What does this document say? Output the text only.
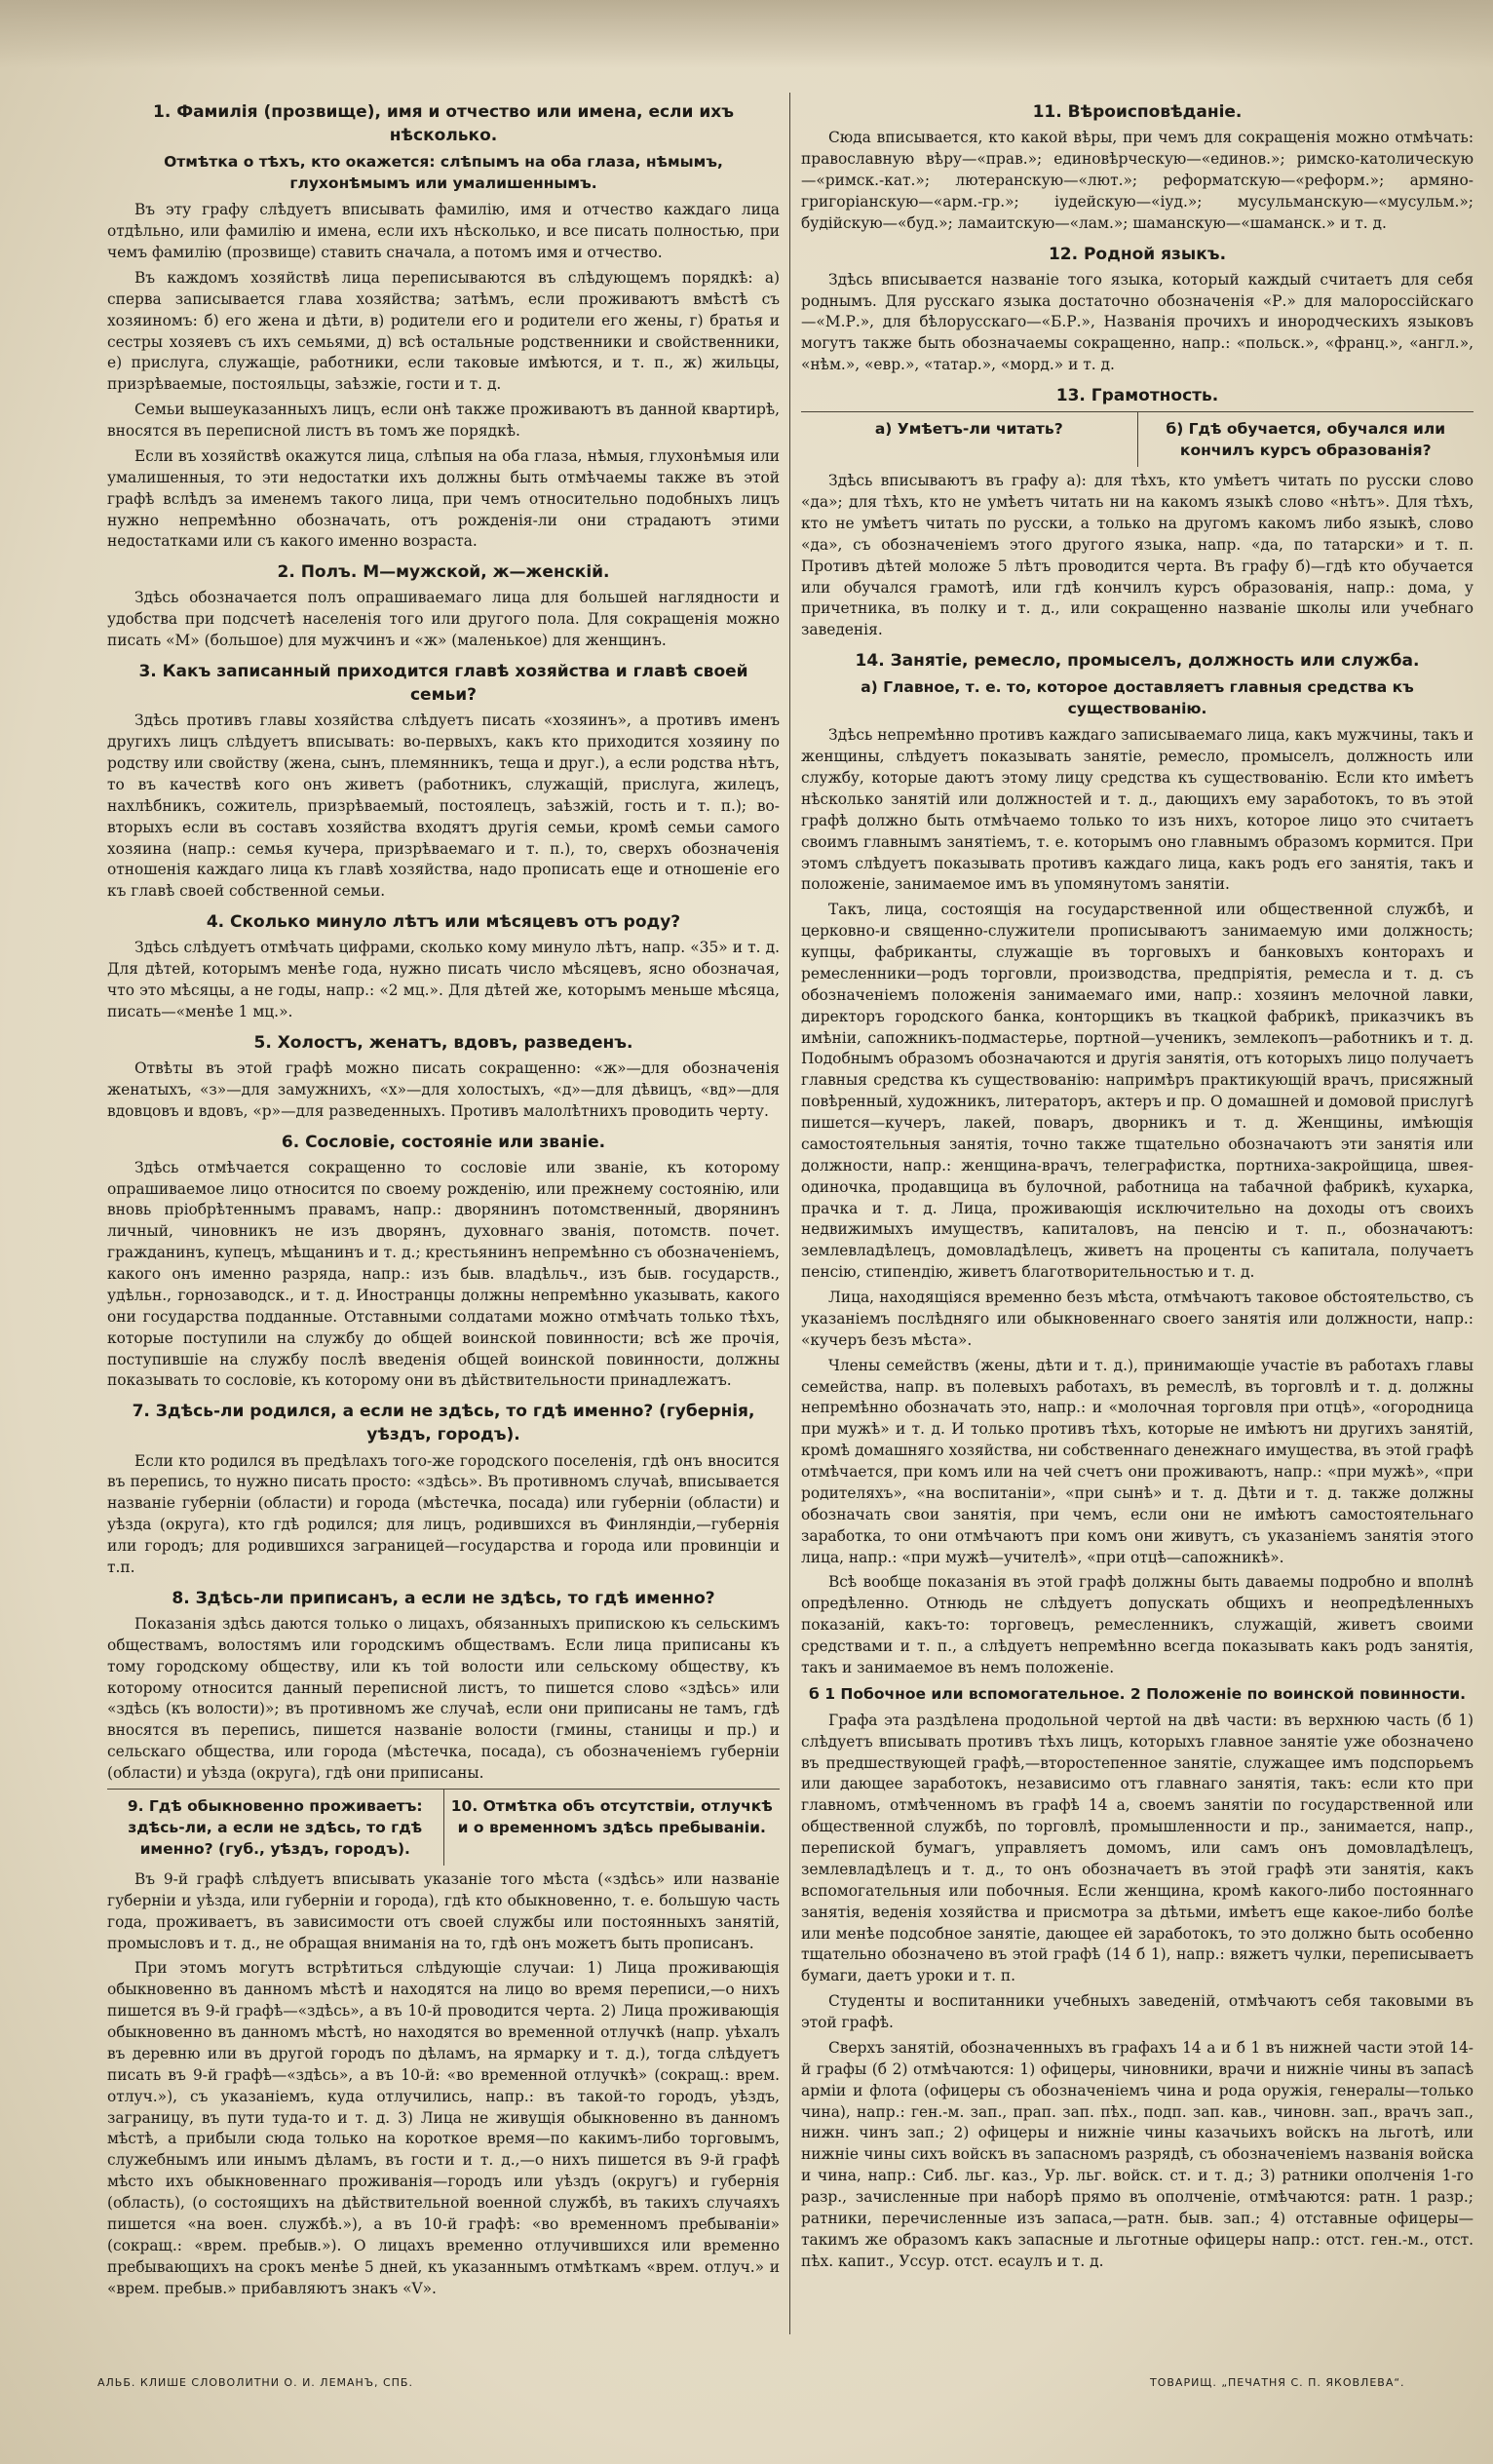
1. Фамилія (прозвище), имя и отчество или имена, если ихъ нѣсколько.
Отмѣтка о тѣхъ, кто окажется: слѣпымъ на оба глаза, нѣмымъ, глухонѣмымъ или умалишеннымъ.

Въ эту графу слѣдуетъ вписывать фамилію, имя и отчество каждаго лица отдѣльно, или фамилію и имена, если ихъ нѣсколько, и все писать полностью, при чемъ фамилію (прозвище) ставить сначала, а потомъ имя и отчество.

Въ каждомъ хозяйствѣ лица переписываются въ слѣдующемъ порядкѣ: а) сперва записывается глава хозяйства; затѣмъ, если проживаютъ вмѣстѣ съ хозяиномъ: б) его жена и дѣти, в) родители его и родители его жены, г) братья и сестры хозяевъ съ ихъ семьями, д) всѣ остальные родственники и свойственники, е) прислуга, служащіе, работники, если таковые имѣются, и т. п., ж) жильцы, призрѣваемые, постояльцы, заѣзжіе, гости и т. д.

Семьи вышеуказанныхъ лицъ, если онѣ также проживаютъ въ данной квартирѣ, вносятся въ переписной листъ въ томъ же порядкѣ.

Если въ хозяйствѣ окажутся лица, слѣпыя на оба глаза, нѣмыя, глухонѣмыя или умалишенныя, то эти недостатки ихъ должны быть отмѣчаемы также въ этой графѣ вслѣдъ за именемъ такого лица, при чемъ относительно подобныхъ лицъ нужно непремѣнно обозначать, отъ рожденія-ли они страдаютъ этими недостатками или съ какого именно возраста.

2. Полъ. М—мужской, ж—женскій.

Здѣсь обозначается полъ опрашиваемаго лица для большей наглядности и удобства при подсчетѣ населенія того или другого пола. Для сокращенія можно писать «М» (большое) для мужчинъ и «ж» (маленькое) для женщинъ.

3. Какъ записанный приходится главѣ хозяйства и главѣ своей семьи?

Здѣсь противъ главы хозяйства слѣдуетъ писать «хозяинъ», а противъ именъ другихъ лицъ слѣдуетъ вписывать: во-первыхъ, какъ кто приходится хозяину по родству или свойству (жена, сынъ, племянникъ, теща и друг.), а если родства нѣтъ, то въ качествѣ кого онъ живетъ (работникъ, служащій, прислуга, жилецъ, нахлѣбникъ, сожитель, призрѣваемый, постоялецъ, заѣзжій, гость и т. п.); во-вторыхъ если въ составъ хозяйства входятъ другія семьи, кромѣ семьи самого хозяина (напр.: семья кучера, призрѣваемаго и т. п.), то, сверхъ обозначенія отношенія каждаго лица къ главѣ хозяйства, надо прописать еще и отношеніе его къ главѣ своей собственной семьи.

4. Сколько минуло лѣтъ или мѣсяцевъ отъ роду?

Здѣсь слѣдуетъ отмѣчать цифрами, сколько кому минуло лѣтъ, напр. «35» и т. д. Для дѣтей, которымъ менѣе года, нужно писать число мѣсяцевъ, ясно обозначая, что это мѣсяцы, а не годы, напр.: «2 мц.». Для дѣтей же, которымъ меньше мѣсяца, писать—«менѣе 1 мц.».

5. Холостъ, женатъ, вдовъ, разведенъ.

Отвѣты въ этой графѣ можно писать сокращенно: «ж»—для обозначенія женатыхъ, «з»—для замужнихъ, «х»—для холостыхъ, «д»—для дѣвицъ, «вд»—для вдовцовъ и вдовъ, «р»—для разведенныхъ. Противъ малолѣтнихъ проводить черту.

6. Сословіе, состояніе или званіе.

Здѣсь отмѣчается сокращенно то сословіе или званіе, къ которому опрашиваемое лицо относится по своему рожденію, или прежнему состоянію, или вновь пріобрѣтеннымъ правамъ, напр.: дворянинъ потомственный, дворянинъ личный, чиновникъ не изъ дворянъ, духовнаго званія, потомств. почет. гражданинъ, купецъ, мѣщанинъ и т. д.; крестьянинъ непремѣнно съ обозначеніемъ, какого онъ именно разряда, напр.: изъ быв. владѣльч., изъ быв. государств., удѣльн., горнозаводск., и т. д. Иностранцы должны непремѣнно указывать, какого они государства подданные. Отставными солдатами можно отмѣчать только тѣхъ, которые поступили на службу до общей воинской повинности; всѣ же прочія, поступившіе на службу послѣ введенія общей воинской повинности, должны показывать то сословіе, къ которому они въ дѣйствительности принадлежатъ.

7. Здѣсь-ли родился, а если не здѣсь, то гдѣ именно? (губернія, уѣздъ, городъ).

Если кто родился въ предѣлахъ того-же городского поселенія, гдѣ онъ вносится въ перепись, то нужно писать просто: «здѣсь». Въ противномъ случаѣ, вписывается названіе губерніи (области) и города (мѣстечка, посада) или губерніи (области) и уѣзда (округа), кто гдѣ родился; для лицъ, родившихся въ Финляндіи,—губернія или городъ; для родившихся заграницей—государства и города или провинціи и т.п.

8. Здѣсь-ли приписанъ, а если не здѣсь, то гдѣ именно?

Показанія здѣсь даются только о лицахъ, обязанныхъ припискою къ сельскимъ обществамъ, волостямъ или городскимъ обществамъ. Если лица приписаны къ тому городскому обществу, или къ той волости или сельскому обществу, къ которому относится данный переписной листъ, то пишется слово «здѣсь» или «здѣсь (къ волости)»; въ противномъ же случаѣ, если они приписаны не тамъ, гдѣ вносятся въ перепись, пишется названіе волости (гмины, станицы и пр.) и сельскаго общества, или города (мѣстечка, посада), съ обозначеніемъ губерніи (области) и уѣзда (округа), гдѣ они приписаны.

9. Гдѣ обыкновенно проживаетъ: здѣсь-ли, а если не здѣсь, то гдѣ именно? (губ., уѣздъ, городъ).
10. Отмѣтка объ отсутствіи, отлучкѣ и о временномъ здѣсь пребываніи.

Въ 9-й графѣ слѣдуетъ вписывать указаніе того мѣста («здѣсь» или названіе губерніи и уѣзда, или губерніи и города), гдѣ кто обыкновенно, т. е. большую часть года, проживаетъ, въ зависимости отъ своей службы или постоянныхъ занятій, промысловъ и т. д., не обращая вниманія на то, гдѣ онъ можетъ быть прописанъ.

При этомъ могутъ встрѣтиться слѣдующіе случаи: 1) Лица проживающія обыкновенно въ данномъ мѣстѣ и находятся на лицо во время переписи,—о нихъ пишется въ 9-й графѣ—«здѣсь», а въ 10-й проводится черта. 2) Лица проживающія обыкновенно въ данномъ мѣстѣ, но находятся во временной отлучкѣ (напр. уѣхалъ въ деревню или въ другой городъ по дѣламъ, на ярмарку и т. д.), тогда слѣдуетъ писать въ 9-й графѣ—«здѣсь», а въ 10-й: «во временной отлучкѣ» (сокращ.: врем. отлуч.»), съ указаніемъ, куда отлучились, напр.: въ такой-то городъ, уѣздъ, заграницу, въ пути туда-то и т. д. 3) Лица не живущія обыкновенно въ данномъ мѣстѣ, а прибыли сюда только на короткое время—по какимъ-либо торговымъ, служебнымъ или инымъ дѣламъ, въ гости и т. д.,—о нихъ пишется въ 9-й графѣ мѣсто ихъ обыкновеннаго проживанія—городъ или уѣздъ (округъ) и губернія (область), (о состоящихъ на дѣйствительной военной службѣ, въ такихъ случаяхъ пишется «на воен. службѣ.»), а въ 10-й графѣ: «во временномъ пребываніи» (сокращ.: «врем. пребыв.»). О лицахъ временно отлучившихся или временно пребывающихъ на срокъ менѣе 5 дней, къ указаннымъ отмѣткамъ «врем. отлуч.» и «врем. пребыв.» прибавляютъ знакъ «V».

11. Вѣроисповѣданіе.

Сюда вписывается, кто какой вѣры, при чемъ для сокращенія можно отмѣчать: православную вѣру—«прав.»; единовѣрческую—«единов.»; римско-католическую—«римск.-кат.»; лютеранскую—«лют.»; реформатскую—«реформ.»; армяно-григоріанскую—«арм.-гр.»; іудейскую—«іуд.»; мусульманскую—«мусульм.»; будійскую—«буд.»; ламаитскую—«лам.»; шаманскую—«шаманск.» и т. д.

12. Родной языкъ.

Здѣсь вписывается названіе того языка, который каждый считаетъ для себя роднымъ. Для русскаго языка достаточно обозначенія «Р.» для малороссійскаго—«М.Р.», для бѣлорусскаго—«Б.Р.», Названія прочихъ и инородческихъ языковъ могутъ также быть обозначаемы сокращенно, напр.: «польск.», «франц.», «англ.», «нѣм.», «евр.», «татар.», «морд.» и т. д.

13. Грамотность.
а) Умѣетъ-ли читать?	б) Гдѣ обучается, обучался или кончилъ курсъ образованія?

Здѣсь вписываютъ въ графу а): для тѣхъ, кто умѣетъ читать по русски слово «да»; для тѣхъ, кто не умѣетъ читать ни на какомъ языкѣ слово «нѣтъ». Для тѣхъ, кто не умѣетъ читать по русски, а только на другомъ какомъ либо языкѣ, слово «да», съ обозначеніемъ этого другого языка, напр. «да, по татарски» и т. п. Противъ дѣтей моложе 5 лѣтъ проводится черта. Въ графу б)—гдѣ кто обучается или обучался грамотѣ, или гдѣ кончилъ курсъ образованія, напр.: дома, у причетника, въ полку и т. д., или сокращенно названіе школы или учебнаго заведенія.

14. Занятіе, ремесло, промыселъ, должность или служба.
а) Главное, т. е. то, которое доставляетъ главныя средства къ существованію.

Здѣсь непремѣнно противъ каждаго записываемаго лица, какъ мужчины, такъ и женщины, слѣдуетъ показывать занятіе, ремесло, промыселъ, должность или службу, которые даютъ этому лицу средства къ существованію. Если кто имѣетъ нѣсколько занятій или должностей и т. д., дающихъ ему заработокъ, то въ этой графѣ должно быть отмѣчаемо только то изъ нихъ, которое лицо это считаетъ своимъ главнымъ занятіемъ, т. е. которымъ оно главнымъ образомъ кормится. При этомъ слѣдуетъ показывать противъ каждаго лица, какъ родъ его занятія, такъ и положеніе, занимаемое имъ въ упомянутомъ занятіи.

Такъ, лица, состоящія на государственной или общественной службѣ, и церковно-и священно-служители прописываютъ занимаемую ими должность; купцы, фабриканты, служащіе въ торговыхъ и банковыхъ конторахъ и ремесленники—родъ торговли, производства, предпріятія, ремесла и т. д. съ обозначеніемъ положенія занимаемаго ими, напр.: хозяинъ мелочной лавки, директоръ городского банка, конторщикъ въ ткацкой фабрикѣ, приказчикъ въ имѣніи, сапожникъ-подмастерье, портной—ученикъ, землекопъ—работникъ и т. д. Подобнымъ образомъ обозначаются и другія занятія, отъ которыхъ лицо получаетъ главныя средства къ существованію: напримѣръ практикующій врачъ, присяжный повѣренный, художникъ, литераторъ, актеръ и пр. О домашней и домовой прислугѣ пишется—кучеръ, лакей, поваръ, дворникъ и т. д. Женщины, имѣющія самостоятельныя занятія, точно также тщательно обозначаютъ эти занятія или должности, напр.: женщина-врачъ, телеграфистка, портниха-закройщица, швея-одиночка, продавщица въ булочной, работница на табачной фабрикѣ, кухарка, прачка и т. д. Лица, проживающія исключительно на доходы отъ своихъ недвижимыхъ имуществъ, капиталовъ, на пенсію и т. п., обозначаютъ: землевладѣлецъ, домовладѣлецъ, живетъ на проценты съ капитала, получаетъ пенсію, стипендію, живетъ благотворительностью и т. д.

Лица, находящіяся временно безъ мѣста, отмѣчаютъ таковое обстоятельство, съ указаніемъ послѣдняго или обыкновеннаго своего занятія или должности, напр.: «кучеръ безъ мѣста».

Члены семействъ (жены, дѣти и т. д.), принимающіе участіе въ работахъ главы семейства, напр. въ полевыхъ работахъ, въ ремеслѣ, въ торговлѣ и т. д. должны непремѣнно обозначать это, напр.: и «молочная торговля при отцѣ», «огородница при мужѣ» и т. д. И только противъ тѣхъ, которые не имѣютъ ни другихъ занятій, кромѣ домашняго хозяйства, ни собственнаго денежнаго имущества, въ этой графѣ отмѣчается, при комъ или на чей счетъ они проживаютъ, напр.: «при мужѣ», «при родителяхъ», «на воспитаніи», «при сынѣ» и т. д. Дѣти и т. д. также должны обозначать свои занятія, при чемъ, если они не имѣютъ самостоятельнаго заработка, то они отмѣчаютъ при комъ они живутъ, съ указаніемъ занятія этого лица, напр.: «при мужѣ—учителѣ», «при отцѣ—сапожникѣ».

Всѣ вообще показанія въ этой графѣ должны быть даваемы подробно и вполнѣ опредѣленно. Отнюдь не слѣдуетъ допускать общихъ и неопредѣленныхъ показаній, какъ-то: торговецъ, ремесленникъ, служащій, живетъ своими средствами и т. п., а слѣдуетъ непремѣнно всегда показывать какъ родъ занятія, такъ и занимаемое въ немъ положеніе.

б 1 Побочное или вспомогательное. 2 Положеніе по воинской повинности.

Графа эта раздѣлена продольной чертой на двѣ части: въ верхнюю часть (б 1) слѣдуетъ вписывать противъ тѣхъ лицъ, которыхъ главное занятіе уже обозначено въ предшествующей графѣ,—второстепенное занятіе, служащее имъ подспорьемъ или дающее заработокъ, независимо отъ главнаго занятія, такъ: если кто при главномъ, отмѣченномъ въ графѣ 14 а, своемъ занятіи по государственной или общественной службѣ, по торговлѣ, промышленности и пр., занимается, напр., перепиской бумагъ, управляетъ домомъ, или самъ онъ домовладѣлецъ, землевладѣлецъ и т. д., то онъ обозначаетъ въ этой графѣ эти занятія, какъ вспомогательныя или побочныя. Если женщина, кромѣ какого-либо постояннаго занятія, веденія хозяйства и присмотра за дѣтьми, имѣетъ еще какое-либо болѣе или менѣе подсобное занятіе, дающее ей заработокъ, то это должно быть особенно тщательно обозначено въ этой графѣ (14 б 1), напр.: вяжетъ чулки, переписываетъ бумаги, даетъ уроки и т. п.

Студенты и воспитанники учебныхъ заведеній, отмѣчаютъ себя таковыми въ этой графѣ.

Сверхъ занятій, обозначенныхъ въ графахъ 14 а и б 1 въ нижней части этой 14-й графы (б 2) отмѣчаются: 1) офицеры, чиновники, врачи и нижніе чины въ запасѣ арміи и флота (офицеры съ обозначеніемъ чина и рода оружія, генералы—только чина), напр.: ген.-м. зап., прап. зап. пѣх., подп. зап. кав., чиновн. зап., врачъ зап., нижн. чинъ зап.; 2) офицеры и нижніе чины казачьихъ войскъ на льготѣ, или нижніе чины сихъ войскъ въ запасномъ разрядѣ, съ обозначеніемъ названія войска и чина, напр.: Сиб. льг. каз., Ур. льг. войск. ст. и т. д.; 3) ратники ополченія 1-го разр., зачисленные при наборѣ прямо въ ополченіе, отмѣчаются: ратн. 1 разр.; ратники, перечисленные изъ запаса,—ратн. быв. зап.; 4) отставные офицеры—такимъ же образомъ какъ запасные и льготные офицеры напр.: отст. ген.-м., отст. пѣх. капит., Уссур. отст. есаулъ и т. д.

АЛЬБ. КЛИШЕ СЛОВОЛИТНИ О. И. ЛЕМАНЪ, СПБ.	ТОВАРИЩ. „ПЕЧАТНЯ С. П. ЯКОВЛЕВА“.
